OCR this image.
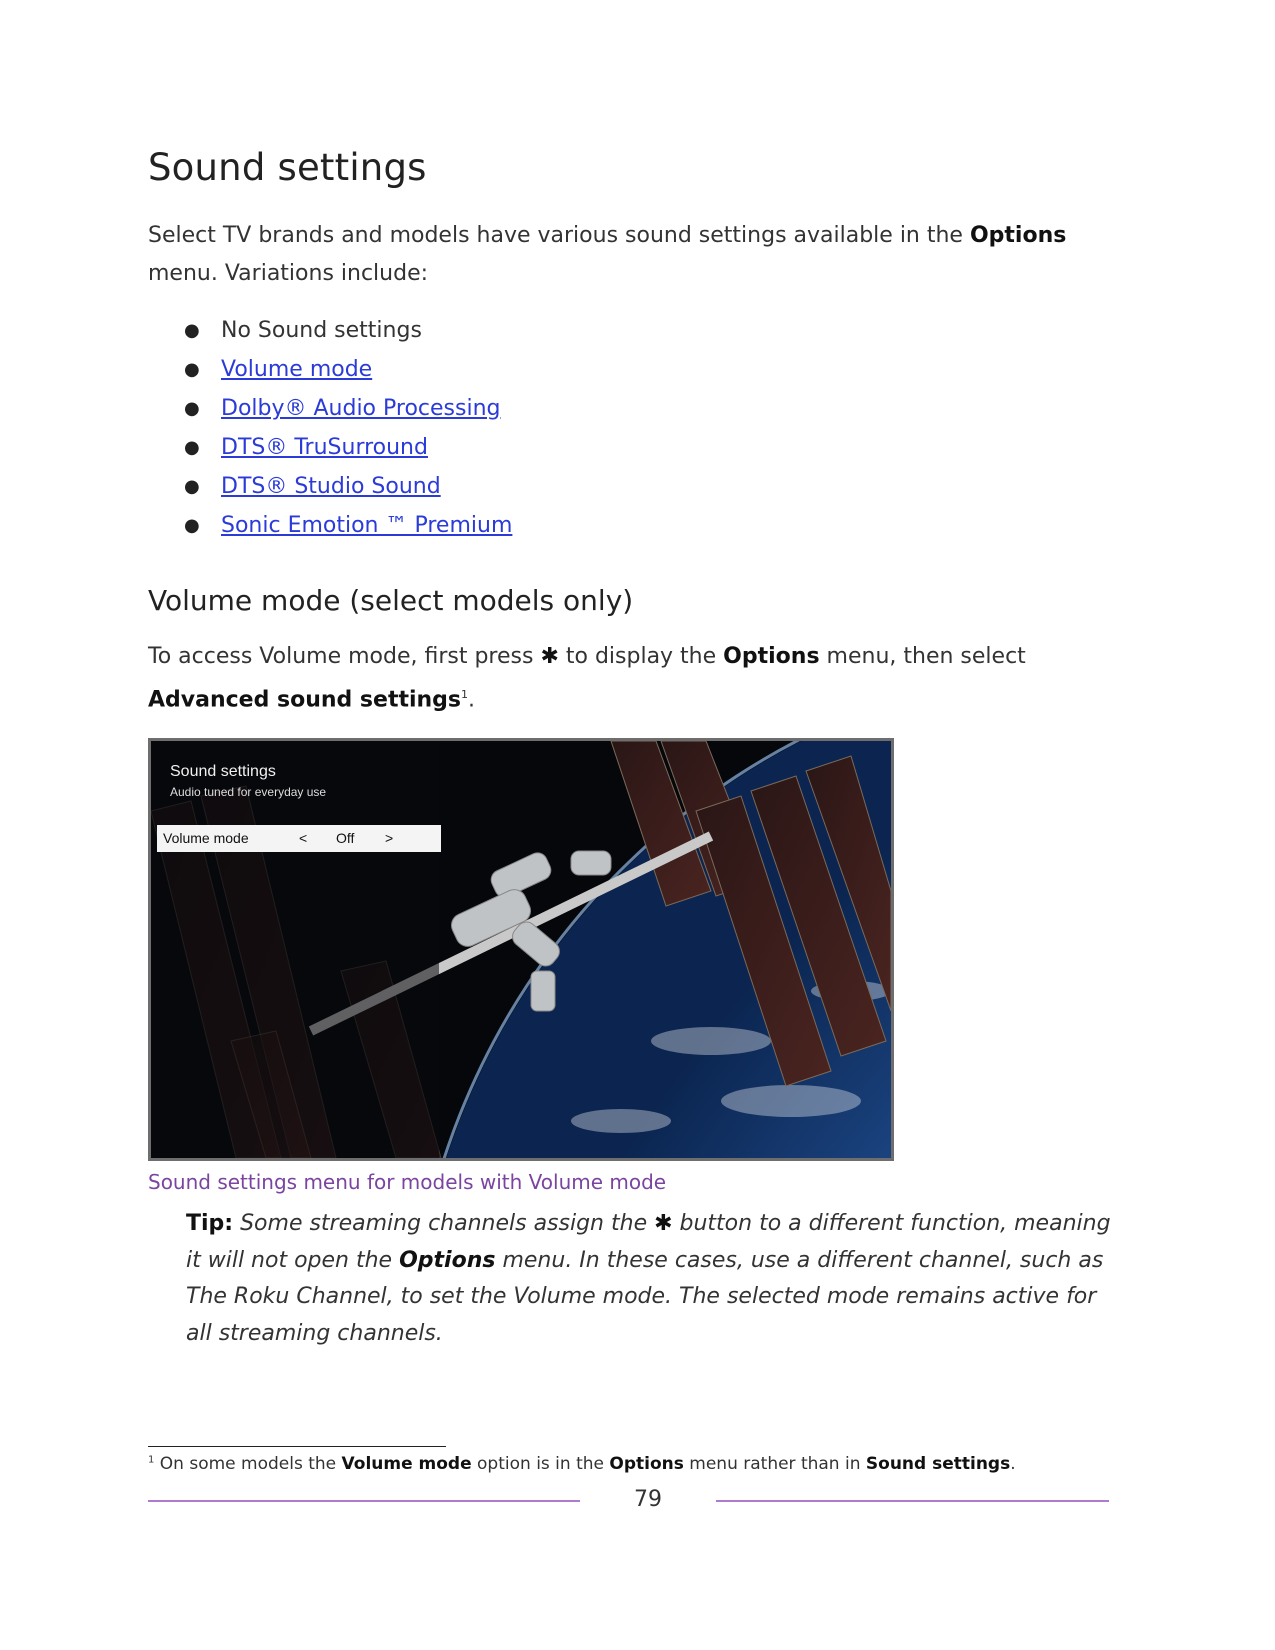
Sound settings

Select TV brands and models have various sound settings available in the Options menu. Variations include:

● No Sound settings
● Volume mode
● Dolby® Audio Processing
● DTS® TruSurround
● DTS® Studio Sound
● Sonic Emotion ™ Premium
Volume mode (select models only)

To access Volume mode, first press ✱ to display the Options menu, then select
Advanced sound settings$^1$.

Sound settings
Audio tuned for everyday use
Volume mode	< Off >

Sound settings menu for models with Volume mode

Tip: Some streaming channels assign the ✱ button to a different function, meaning it will not open the Options menu. In these cases, use a different channel, such as The Roku Channel, to set the Volume mode. The selected mode remains active for all streaming channels.

$^1$ On some models the Volume mode option is in the Options menu rather than in Sound settings.

79
